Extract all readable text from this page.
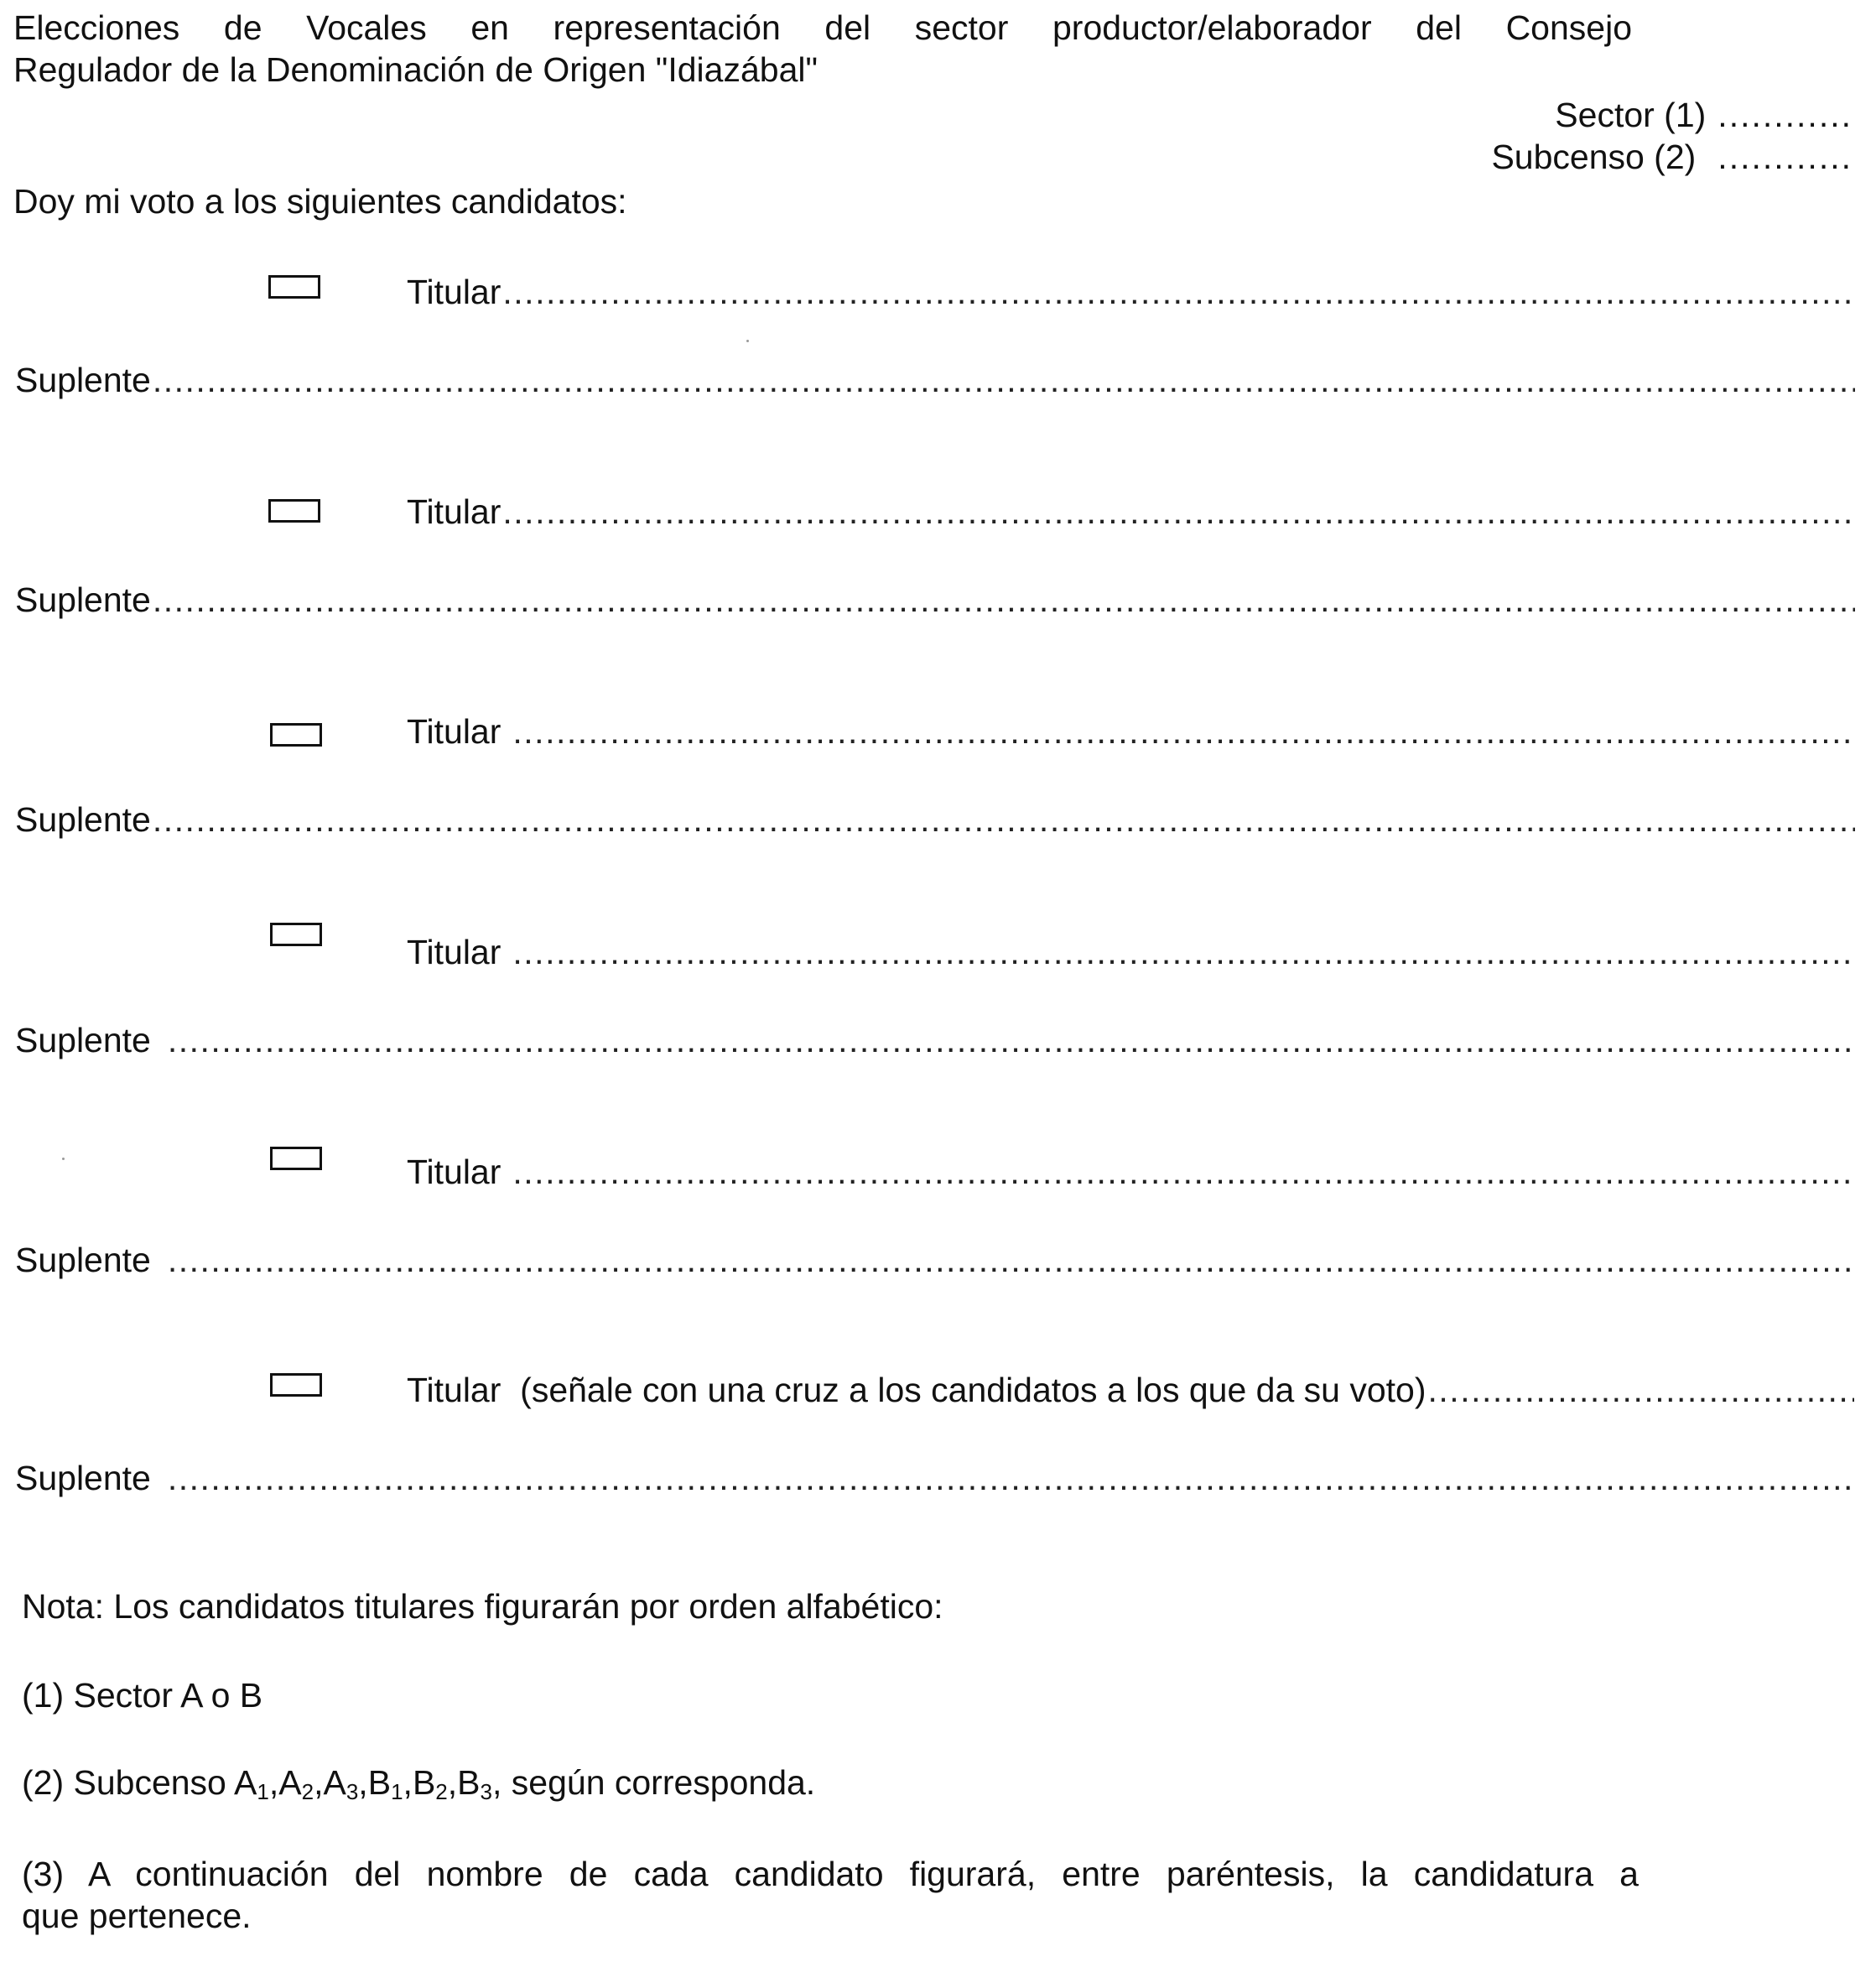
Elecciones de Vocales en representación del sector productor/elaborador del Consejo
Regulador de la Denominación de Origen "Idiazábal"
Sector (1) ............
Subcenso (2) ............
Doy mi voto a los siguientes candidatos:
Titular
.....
Suplente
.....
Titular
.....
Suplente
.....
Titular
.....
Suplente
.....
Titular
.....
Suplente
.....
Titular
.....
Suplente
.....
Titular  (señale con una cruz a los candidatos a los que da su voto)
.....
Suplente
.....
Nota: Los candidatos titulares figurarán por orden alfabético:
(1) Sector A o B
(2) Subcenso $A_1,A_2,A_3,B_1,B_2,B_3$, según corresponda.
(3) A continuación del nombre de cada candidato figurará, entre paréntesis, la candidatura a
que pertenece.
